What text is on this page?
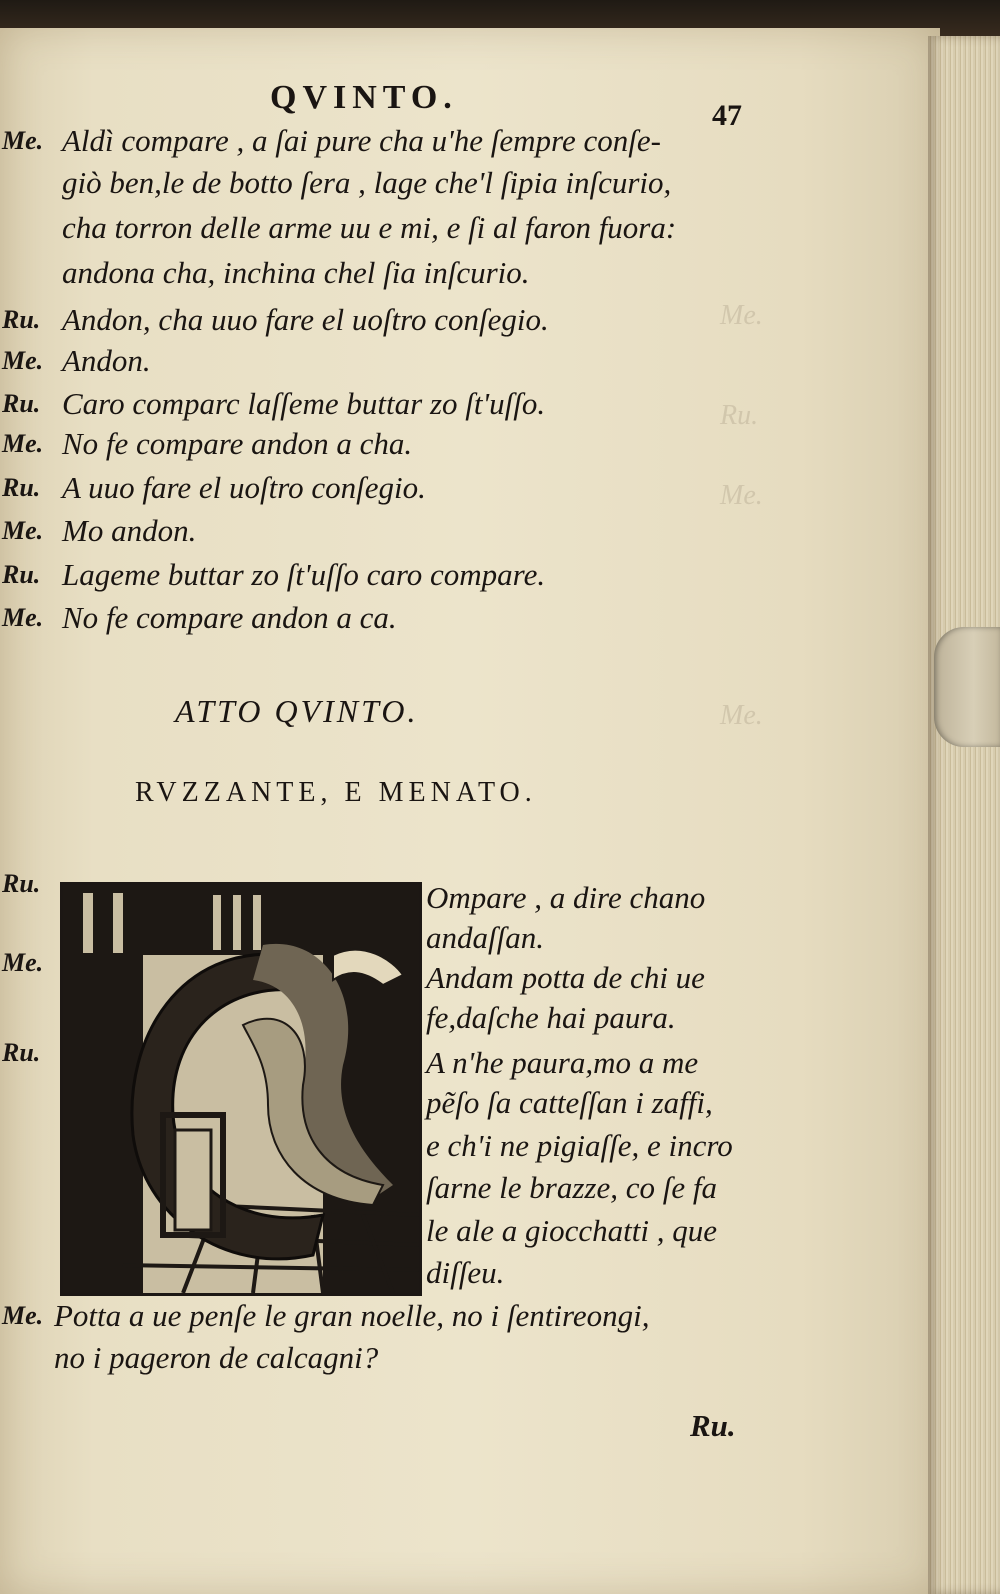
Me.
Ru.
Me.
Me.
QVINTO.	47
Me. Aldì compare , a ſai pure cha u'he ſempre conſe-
giò ben,le de botto ſera , lage che'l ſipia inſcurio,
cha torron delle arme uu e mi, e ſi al faron fuora:
andona cha, inchina chel ſia inſcurio.
Ru. Andon, cha uuo fare el uoſtro conſegio.
Me. Andon.
Ru. Caro comparc laſſeme buttar zo ſt'uſſo.
Me. No fe compare andon a cha.
Ru. A uuo fare el uoſtro conſegio.
Me. Mo andon.
Ru. Lageme buttar zo ſt'uſſo caro compare.
Me. No fe compare andon a ca.
ATTO QVINTO.
RVZZANTE, E MENATO.
Ru.
Me.
Ru.
Ompare , a dire chano
andaſſan.
Andam potta de chi ue
fe,daſche hai paura.
A n'he paura,mo a me
pẽſo ſa catteſſan i zaffi,
e ch'i ne pigiaſſe, e incro
ſarne le brazze, co ſe fa
le ale a giocchatti , que
diſſeu.
Me. Potta a ue penſe le gran noelle, no i ſentireongi,
no i pageron de calcagni?
Ru.
